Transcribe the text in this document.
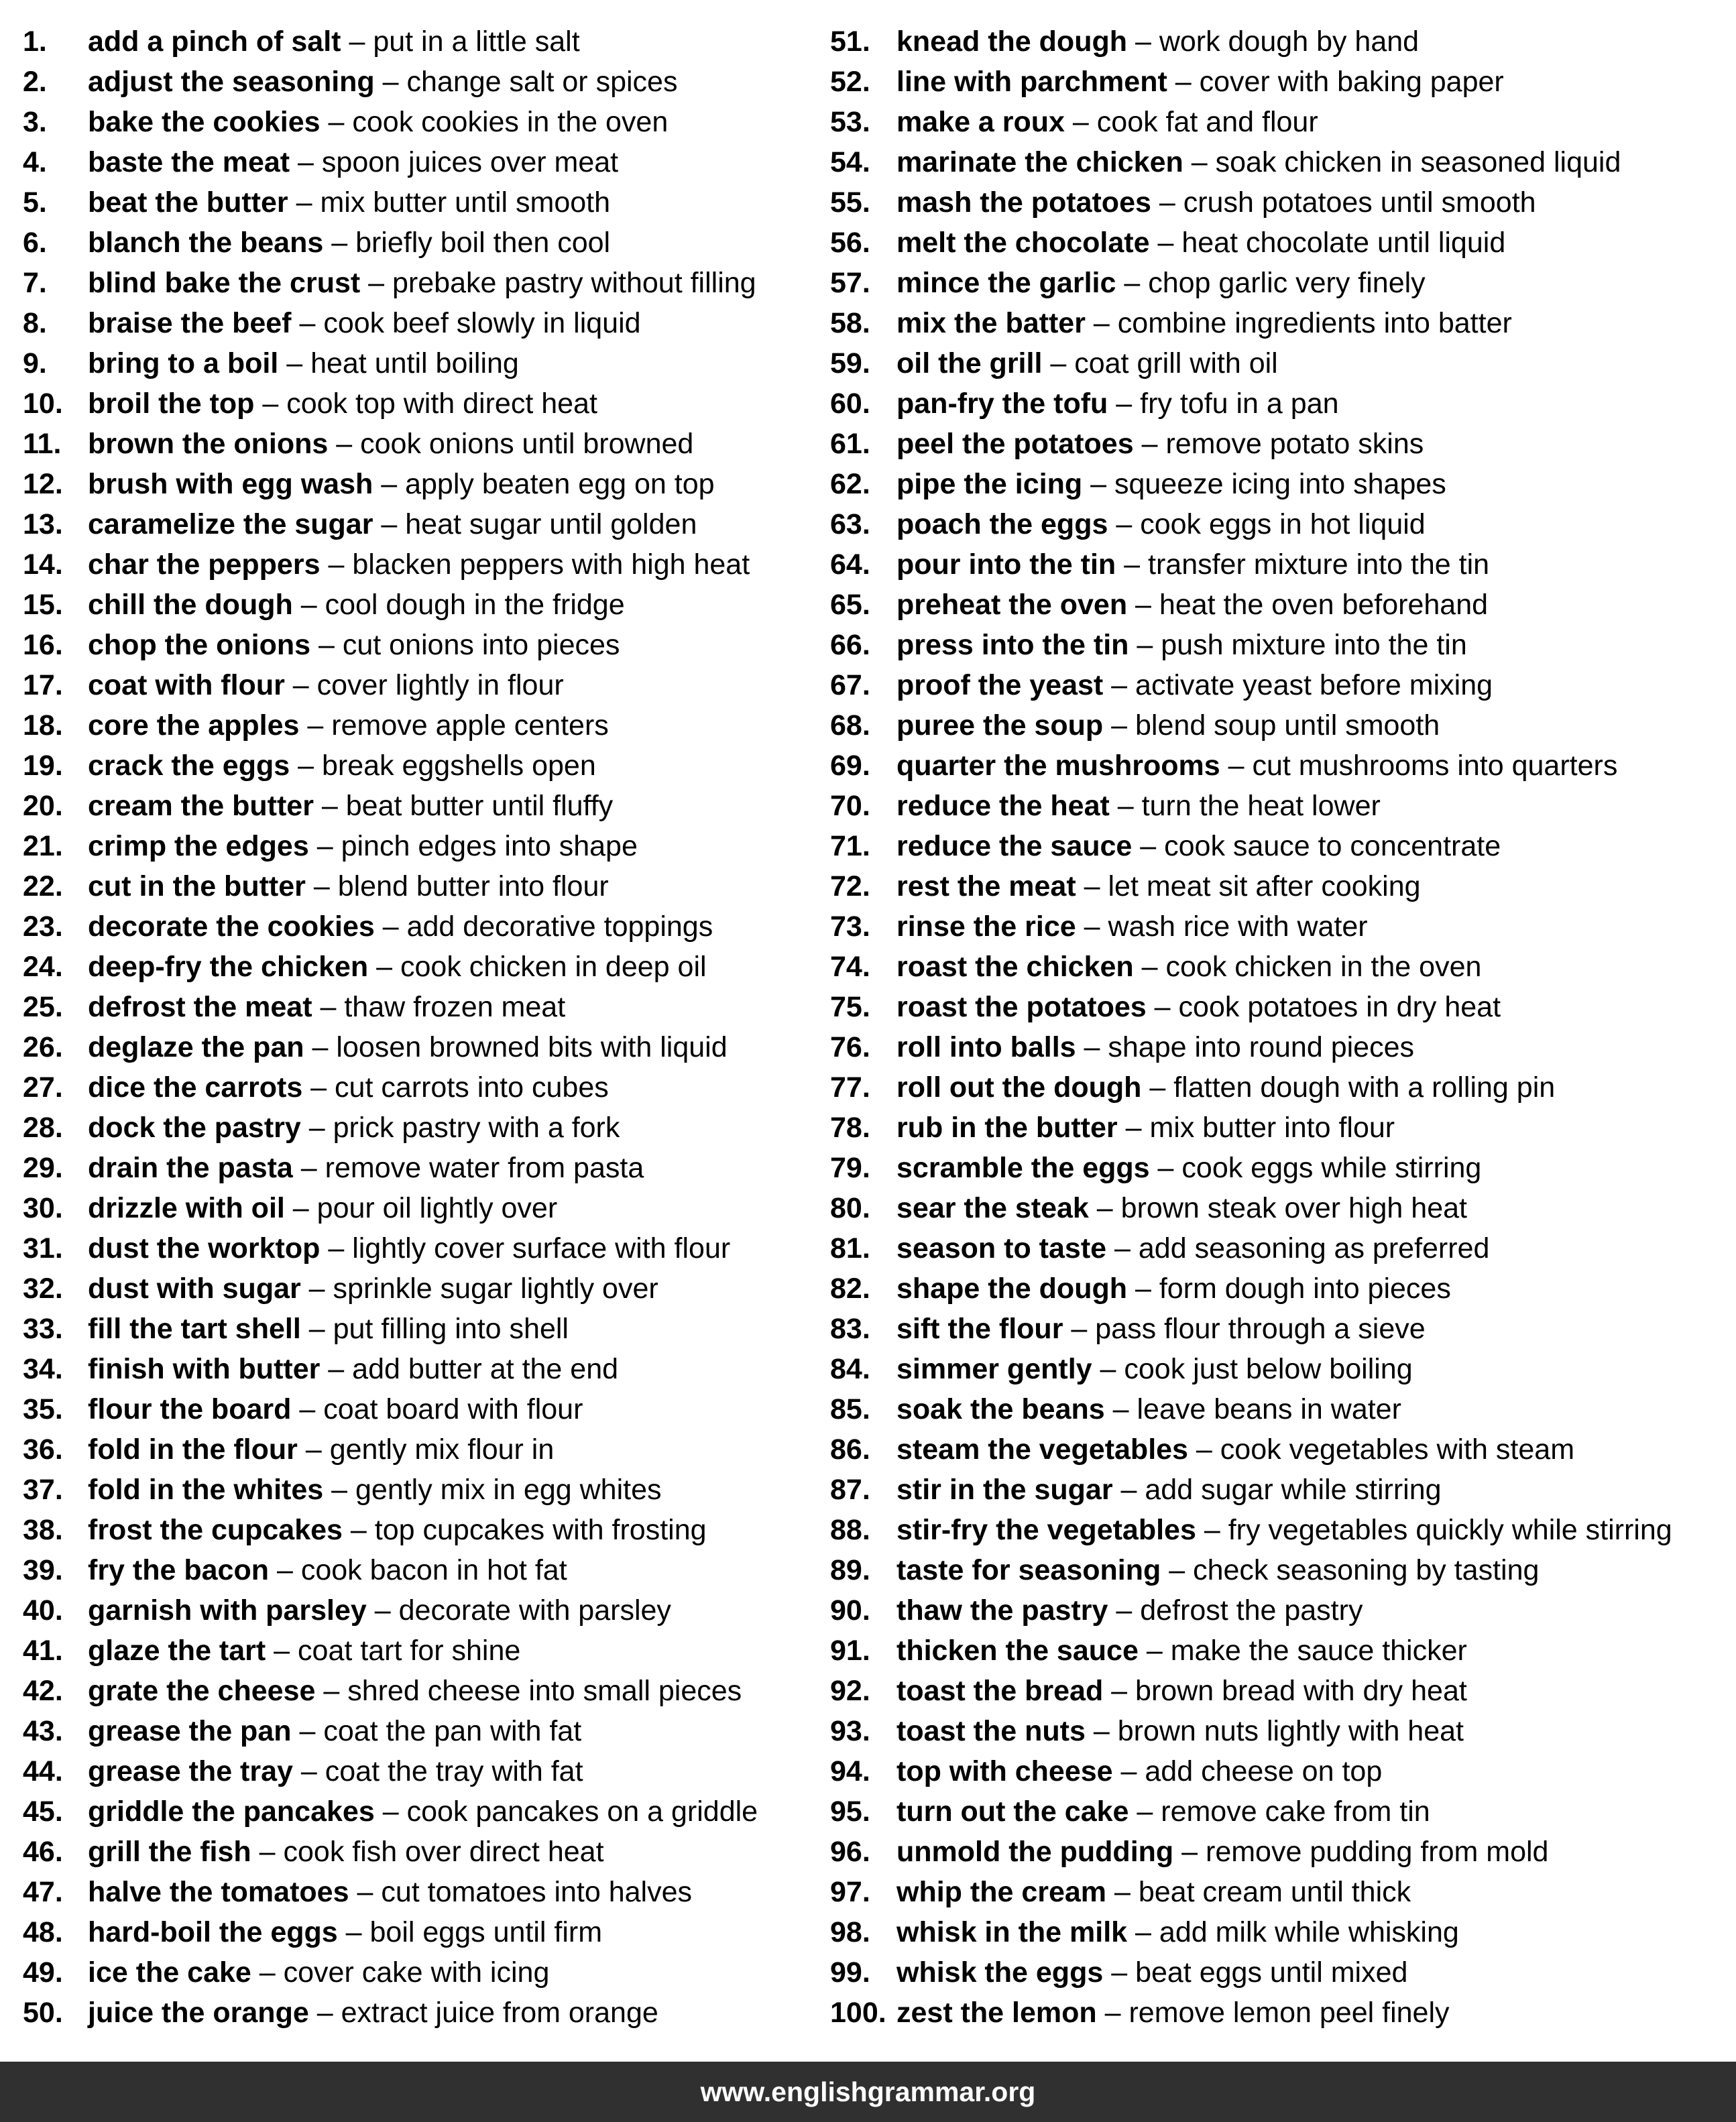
1.	add a pinch of salt – put in a little salt
2.	adjust the seasoning – change salt or spices
3.	bake the cookies – cook cookies in the oven
4.	baste the meat – spoon juices over meat
5.	beat the butter – mix butter until smooth
6.	blanch the beans – briefly boil then cool
7.	blind bake the crust – prebake pastry without filling
8.	braise the beef – cook beef slowly in liquid
9.	bring to a boil – heat until boiling
10. broil the top – cook top with direct heat
11. brown the onions – cook onions until browned
12. brush with egg wash – apply beaten egg on top
13. caramelize the sugar – heat sugar until golden
14. char the peppers – blacken peppers with high heat
15. chill the dough – cool dough in the fridge
16. chop the onions – cut onions into pieces
17. coat with flour – cover lightly in flour
18. core the apples – remove apple centers
19. crack the eggs – break eggshells open
20. cream the butter – beat butter until fluffy
21. crimp the edges – pinch edges into shape
22. cut in the butter – blend butter into flour
23. decorate the cookies – add decorative toppings
24. deep-fry the chicken – cook chicken in deep oil
25. defrost the meat – thaw frozen meat
26. deglaze the pan – loosen browned bits with liquid
27. dice the carrots – cut carrots into cubes
28. dock the pastry – prick pastry with a fork
29. drain the pasta – remove water from pasta
30. drizzle with oil – pour oil lightly over
31. dust the worktop – lightly cover surface with flour
32. dust with sugar – sprinkle sugar lightly over
33. fill the tart shell – put filling into shell
34. finish with butter – add butter at the end
35. flour the board – coat board with flour
36. fold in the flour – gently mix flour in
37. fold in the whites – gently mix in egg whites
38. frost the cupcakes – top cupcakes with frosting
39. fry the bacon – cook bacon in hot fat
40. garnish with parsley – decorate with parsley
41. glaze the tart – coat tart for shine
42. grate the cheese – shred cheese into small pieces
43. grease the pan – coat the pan with fat
44. grease the tray – coat the tray with fat
45. griddle the pancakes – cook pancakes on a griddle
46. grill the fish – cook fish over direct heat
47. halve the tomatoes – cut tomatoes into halves
48. hard-boil the eggs – boil eggs until firm
49. ice the cake – cover cake with icing
50. juice the orange – extract juice from orange
51. knead the dough – work dough by hand
52. line with parchment – cover with baking paper
53. make a roux – cook fat and flour
54. marinate the chicken – soak chicken in seasoned liquid
55. mash the potatoes – crush potatoes until smooth
56. melt the chocolate – heat chocolate until liquid
57. mince the garlic – chop garlic very finely
58. mix the batter – combine ingredients into batter
59. oil the grill – coat grill with oil
60. pan-fry the tofu – fry tofu in a pan
61. peel the potatoes – remove potato skins
62. pipe the icing – squeeze icing into shapes
63. poach the eggs – cook eggs in hot liquid
64. pour into the tin – transfer mixture into the tin
65. preheat the oven – heat the oven beforehand
66. press into the tin – push mixture into the tin
67. proof the yeast – activate yeast before mixing
68. puree the soup – blend soup until smooth
69. quarter the mushrooms – cut mushrooms into quarters
70. reduce the heat – turn the heat lower
71. reduce the sauce – cook sauce to concentrate
72. rest the meat – let meat sit after cooking
73. rinse the rice – wash rice with water
74. roast the chicken – cook chicken in the oven
75. roast the potatoes – cook potatoes in dry heat
76. roll into balls – shape into round pieces
77. roll out the dough – flatten dough with a rolling pin
78. rub in the butter – mix butter into flour
79. scramble the eggs – cook eggs while stirring
80. sear the steak – brown steak over high heat
81. season to taste – add seasoning as preferred
82. shape the dough – form dough into pieces
83. sift the flour – pass flour through a sieve
84. simmer gently – cook just below boiling
85. soak the beans – leave beans in water
86. steam the vegetables – cook vegetables with steam
87. stir in the sugar – add sugar while stirring
88. stir-fry the vegetables – fry vegetables quickly while stirring
89. taste for seasoning – check seasoning by tasting
90. thaw the pastry – defrost the pastry
91. thicken the sauce – make the sauce thicker
92. toast the bread – brown bread with dry heat
93. toast the nuts – brown nuts lightly with heat
94. top with cheese – add cheese on top
95. turn out the cake – remove cake from tin
96. unmold the pudding – remove pudding from mold
97. whip the cream – beat cream until thick
98. whisk in the milk – add milk while whisking
99. whisk the eggs – beat eggs until mixed
100. zest the lemon – remove lemon peel finely
www.englishgrammar.org
